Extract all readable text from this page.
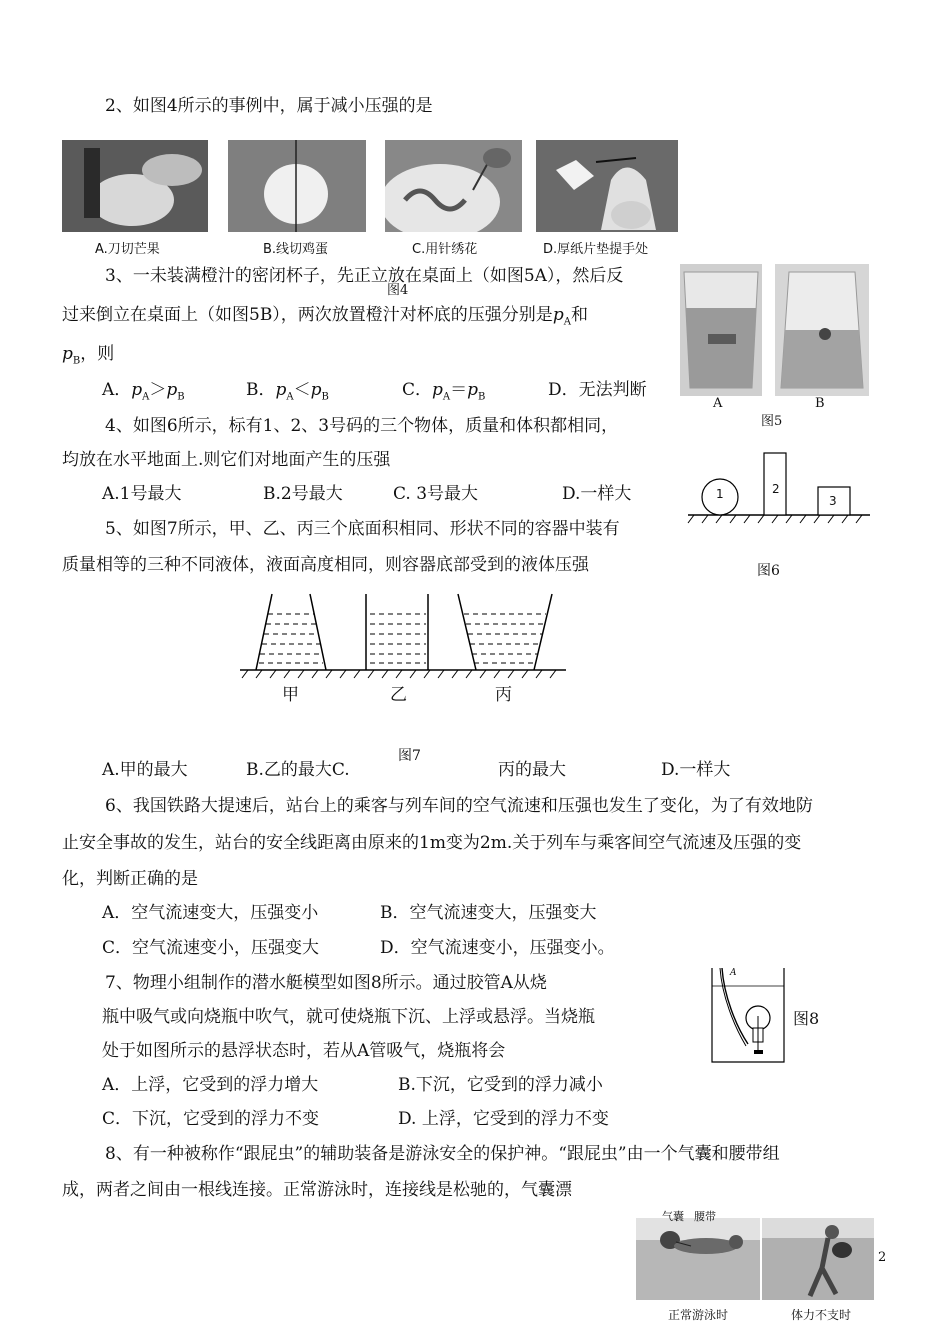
2、如图4所示的事例中，属于减小压强的是
A.刀切芒果	B.线切鸡蛋	C.用针绣花	D.厚纸片垫提手处
图4
3、一未装满橙汁的密闭杯子，先正立放在桌面上（如图5A），然后反
过来倒立在桌面上（如图5B），两次放置橙汁对杯底的压强分别是$p_A$和
$p_B$，则
A．$p_A>p_B$	B．$p_A<p_B$	C．$p_A=p_B$	D．无法判断
A	B
图5
4、如图6所示，标有1、2、3号码的三个物体，质量和体积都相同，
均放在水平地面上.则它们对地面产生的压强
A.1号最大	B.2号最大	C. 3号最大	D.一样大	1	2
3
图6
5、如图7所示，甲、乙、丙三个底面积相同、形状不同的容器中装有
质量相等的三种不同液体，液面高度相同，则容器底部受到的液体压强
甲	乙	丙
图7
A.甲的最大	B.乙的最大C.	丙的最大	D.一样大
6、我国铁路大提速后，站台上的乘客与列车间的空气流速和压强也发生了变化，为了有效地防
止安全事故的发生，站台的安全线距离由原来的1m变为2m.关于列车与乘客间空气流速及压强的变
化，判断正确的是
A．空气流速变大，压强变小	B．空气流速变大，压强变大
C．空气流速变小，压强变大	D．空气流速变小，压强变小。
7、物理小组制作的潜水艇模型如图8所示。通过胶管A从烧
瓶中吸气或向烧瓶中吹气，就可使烧瓶下沉、上浮或悬浮。当烧瓶
处于如图所示的悬浮状态时，若从A管吸气，烧瓶将会
A．上浮，它受到的浮力增大	B.下沉，它受到的浮力减小
C．下沉，它受到的浮力不变	D. 上浮，它受到的浮力不变
A
图8
8、有一种被称作“跟屁虫”的辅助装备是游泳安全的保护神。“跟屁虫”由一个气囊和腰带组
成，两者之间由一根线连接。正常游泳时，连接线是松驰的，气囊漂
气囊 腰带
正常游泳时	体力不支时
2
